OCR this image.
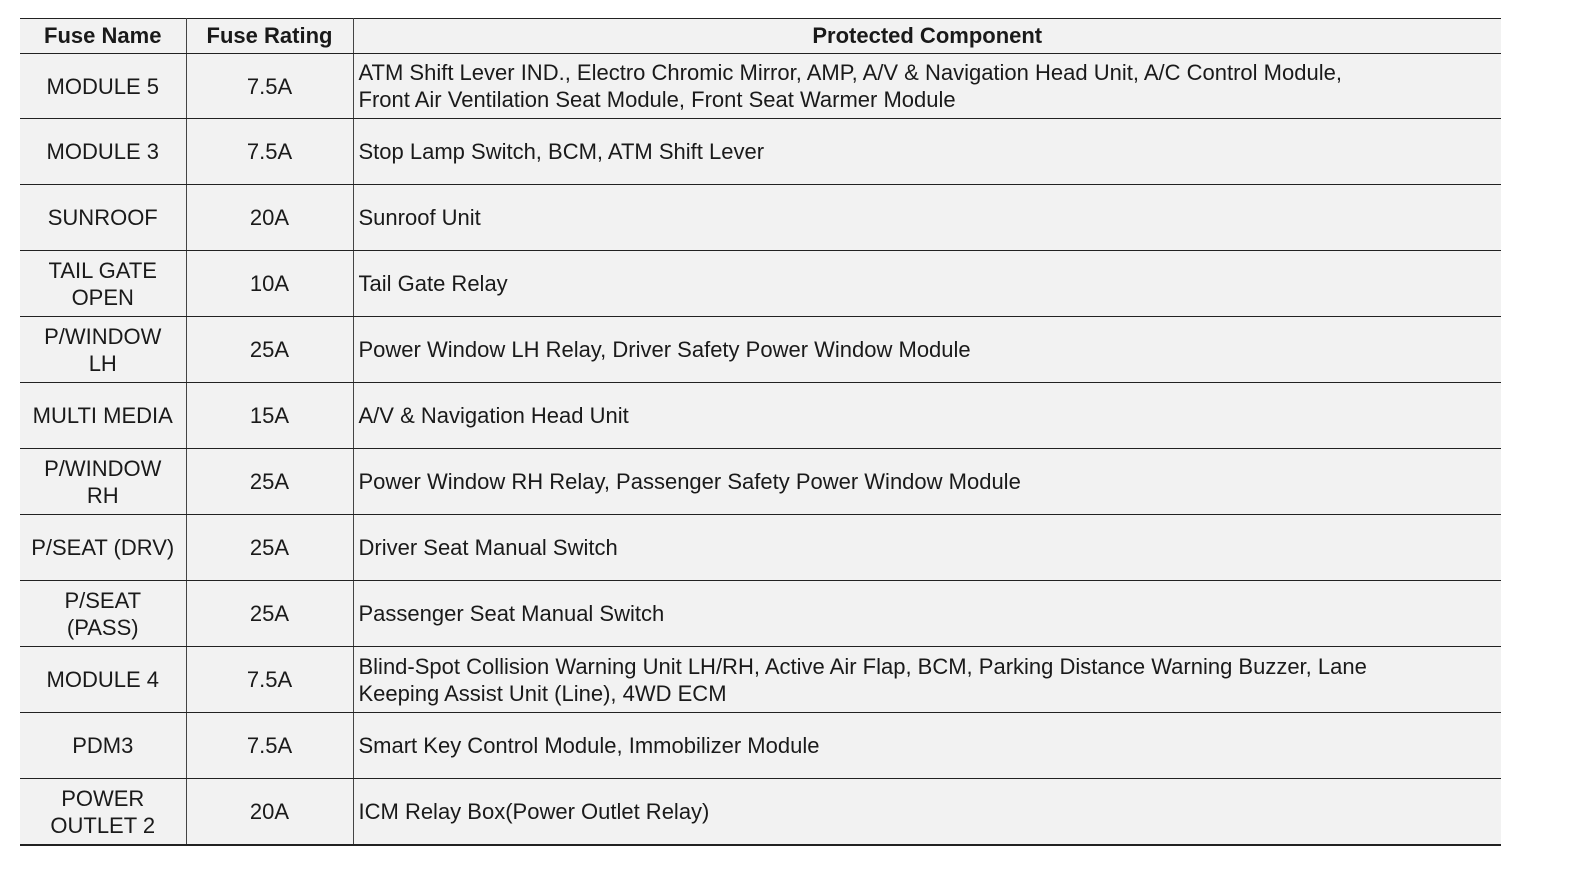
Fuse Name	Fuse Rating	Protected Component
MODULE 5	7.5A	ATM Shift Lever IND., Electro Chromic Mirror, AMP, A/V & Navigation Head Unit, A/C Control Module, Front Air Ventilation Seat Module, Front Seat Warmer Module
MODULE 3	7.5A	Stop Lamp Switch, BCM, ATM Shift Lever
SUNROOF	20A	Sunroof Unit
TAIL GATE OPEN	10A	Tail Gate Relay
P/WINDOW LH	25A	Power Window LH Relay, Driver Safety Power Window Module
MULTI MEDIA	15A	A/V & Navigation Head Unit
P/WINDOW RH	25A	Power Window RH Relay, Passenger Safety Power Window Module
P/SEAT (DRV)	25A	Driver Seat Manual Switch
P/SEAT (PASS)	25A	Passenger Seat Manual Switch
MODULE 4	7.5A	Blind-Spot Collision Warning Unit LH/RH, Active Air Flap, BCM, Parking Distance Warning Buzzer, Lane Keeping Assist Unit (Line), 4WD ECM
PDM3	7.5A	Smart Key Control Module, Immobilizer Module
POWER OUTLET 2	20A	ICM Relay Box(Power Outlet Relay)
